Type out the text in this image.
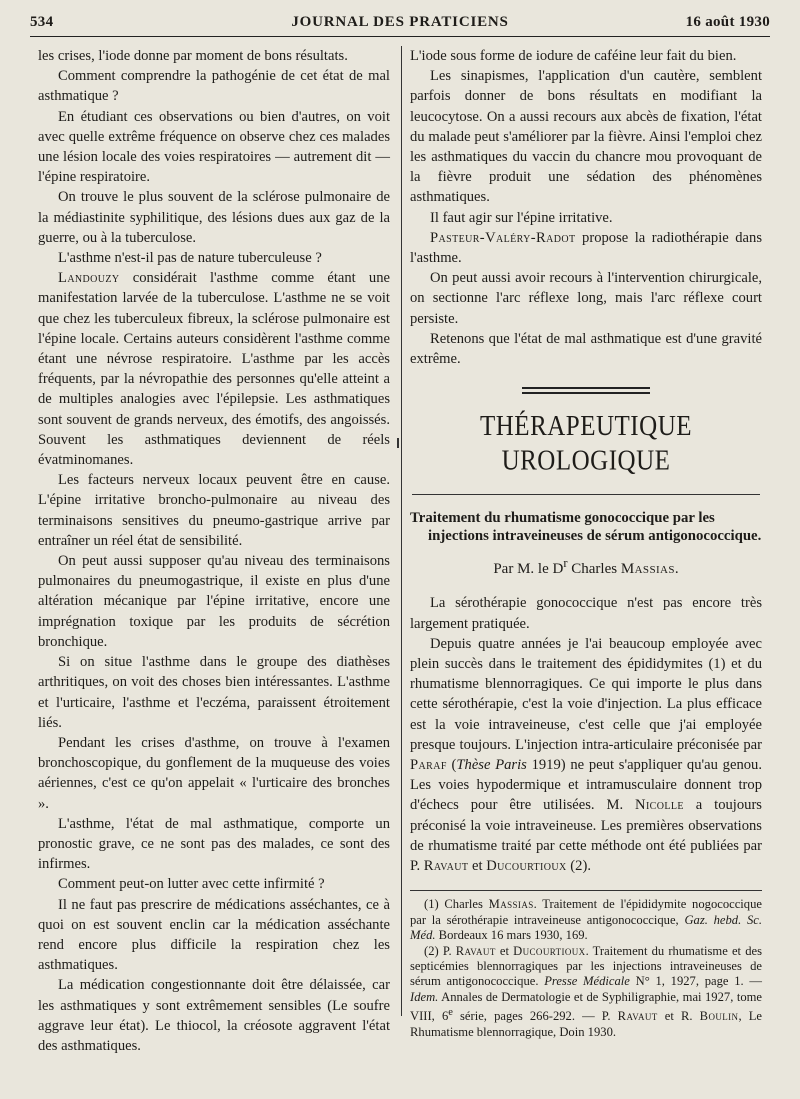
534	JOURNAL DES PRATICIENS	16 août 1930

les crises, l'iode donne par moment de bons résultats.

Comment comprendre la pathogénie de cet état de mal asthmatique ?

En étudiant ces observations ou bien d'autres, on voit avec quelle extrême fréquence on observe chez ces malades une lésion locale des voies respiratoires — autrement dit — l'épine respiratoire.

On trouve le plus souvent de la sclérose pulmonaire de la médiastinite syphilitique, des lésions dues aux gaz de la guerre, ou à la tuberculose.

L'asthme n'est-il pas de nature tuberculeuse ?

Landouzy considérait l'asthme comme étant une manifestation larvée de la tuberculose. L'asthme ne se voit que chez les tuberculeux fibreux, la sclérose pulmonaire est l'épine locale. Certains auteurs considèrent l'asthme comme étant une névrose respiratoire. L'asthme par les accès fréquents, par la névropathie des personnes qu'elle atteint a de multiples analogies avec l'épilepsie. Les asthmatiques sont souvent de grands nerveux, des émotifs, des angoissés. Souvent les asthmatiques deviennent de réels évatminomanes.

Les facteurs nerveux locaux peuvent être en cause. L'épine irritative broncho-pulmonaire au niveau des terminaisons sensitives du pneumo-gastrique arrive par entraîner un réel état de sensibilité.

On peut aussi supposer qu'au niveau des terminaisons pulmonaires du pneumogastrique, il existe en plus d'une altération mécanique par l'épine irritative, encore une imprégnation toxique par les produits de sécrétion bronchique.

Si on situe l'asthme dans le groupe des diathèses arthritiques, on voit des choses bien intéressantes. L'asthme et l'urticaire, l'asthme et l'eczéma, paraissent étroitement liés.

Pendant les crises d'asthme, on trouve à l'examen bronchoscopique, du gonflement de la muqueuse des voies aériennes, c'est ce qu'on appelait « l'urticaire des bronches ».

L'asthme, l'état de mal asthmatique, comporte un pronostic grave, ce ne sont pas des malades, ce sont des infirmes.

Comment peut-on lutter avec cette infirmité ?

Il ne faut pas prescrire de médications asséchantes, ce à quoi on est souvent enclin car la médication asséchante rend encore plus difficile la respiration chez les asthmatiques.

La médication congestionnante doit être délaissée, car les asthmatiques y sont extrêmement sensibles (Le soufre aggrave leur état). Le thiocol, la créosote aggravent l'état des asthmatiques.

L'iode sous forme de iodure de caféine leur fait du bien.

Les sinapismes, l'application d'un cautère, semblent parfois donner de bons résultats en modifiant la leucocytose. On a aussi recours aux abcès de fixation, l'état du malade peut s'améliorer par la fièvre. Ainsi l'emploi chez les asthmatiques du vaccin du chancre mou provoquant de la fièvre produit une sédation des phénomènes asthmatiques.

Il faut agir sur l'épine irritative.

Pasteur-Valéry-Radot propose la radiothérapie dans l'asthme.

On peut aussi avoir recours à l'intervention chirurgicale, on sectionne l'arc réflexe long, mais l'arc réflexe court persiste.

Retenons que l'état de mal asthmatique est d'une gravité extrême.

THÉRAPEUTIQUE UROLOGIQUE
Traitement du rhumatisme gonococcique par les injections intraveineuses de sérum antigonococcique.
Par M. le $D^r$ Charles Massias.

La sérothérapie gonococcique n'est pas encore très largement pratiquée.

Depuis quatre années je l'ai beaucoup employée avec plein succès dans le traitement des épididymites (1) et du rhumatisme blennorragiques. Ce qui importe le plus dans cette sérothérapie, c'est la voie d'injection. La plus efficace est la voie intraveineuse, c'est celle que j'ai employée presque toujours. L'injection intra-articulaire préconisée par Paraf (Thèse Paris 1919) ne peut s'appliquer qu'au genou. Les voies hypodermique et intramusculaire donnent trop d'échecs pour être utilisées. M. Nicolle a toujours préconisé la voie intraveineuse. Les premières observations de rhumatisme traité par cette méthode ont été publiées par P. Ravaut et Ducourtioux (2).

(1) Charles Massias. Traitement de l'épididymite nogococcique par la sérothérapie intraveineuse antigonococcique, Gaz. hebd. Sc. Méd. Bordeaux 16 mars 1930, 169.

(2) P. Ravaut et Ducourtioux. Traitement du rhumatisme et des septicémies blennorragiques par les injections intraveineuses de sérum antigonococcique. Presse Médicale N° 1, 1927, page 1. — Idem. Annales de Dermatologie et de Syphiligraphie, mai 1927, tome VIII, 6e série, pages 266-292. — P. Ravaut et R. Boulin, Le Rhumatisme blennorragique, Doin 1930.
